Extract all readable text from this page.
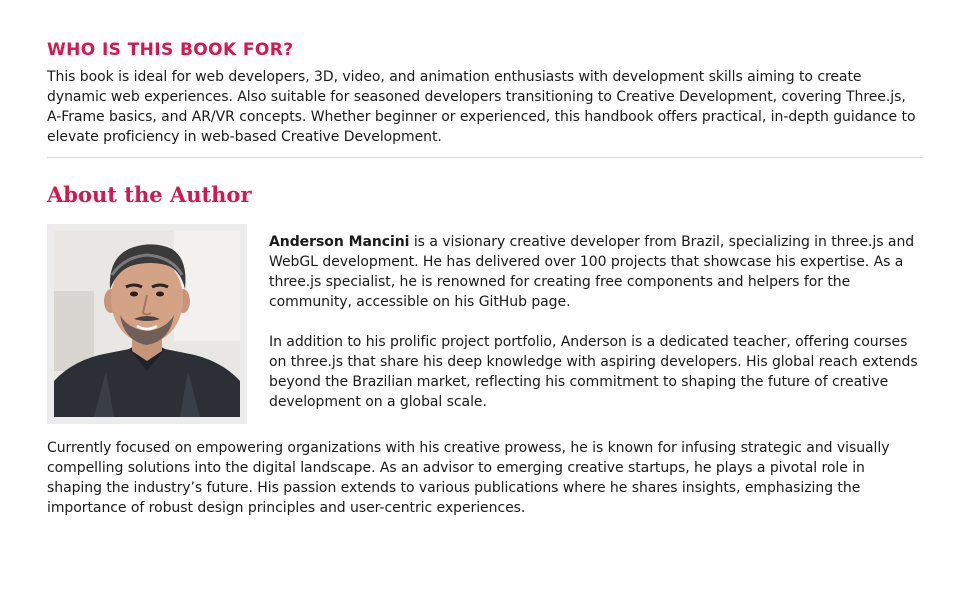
WHO IS THIS BOOK FOR?

This book is ideal for web developers, 3D, video, and animation enthusiasts with development skills aiming to create dynamic web experiences. Also suitable for seasoned developers transitioning to Creative Development, covering Three.js, A-Frame basics, and AR/VR concepts. Whether beginner or experienced, this handbook offers practical, in-depth guidance to elevate proficiency in web-based Creative Development.

About the Author

Anderson Mancini is a visionary creative developer from Brazil, specializing in three.js and WebGL development. He has delivered over 100 projects that showcase his expertise. As a three.js specialist, he is renowned for creating free components and helpers for the community, accessible on his GitHub page.

In addition to his prolific project portfolio, Anderson is a dedicated teacher, offering courses on three.js that share his deep knowledge with aspiring developers. His global reach extends beyond the Brazilian market, reflecting his commitment to shaping the future of creative development on a global scale.

Currently focused on empowering organizations with his creative prowess, he is known for infusing strategic and visually compelling solutions into the digital landscape. As an advisor to emerging creative startups, he plays a pivotal role in shaping the industry’s future. His passion extends to various publications where he shares insights, emphasizing the importance of robust design principles and user-centric experiences.
